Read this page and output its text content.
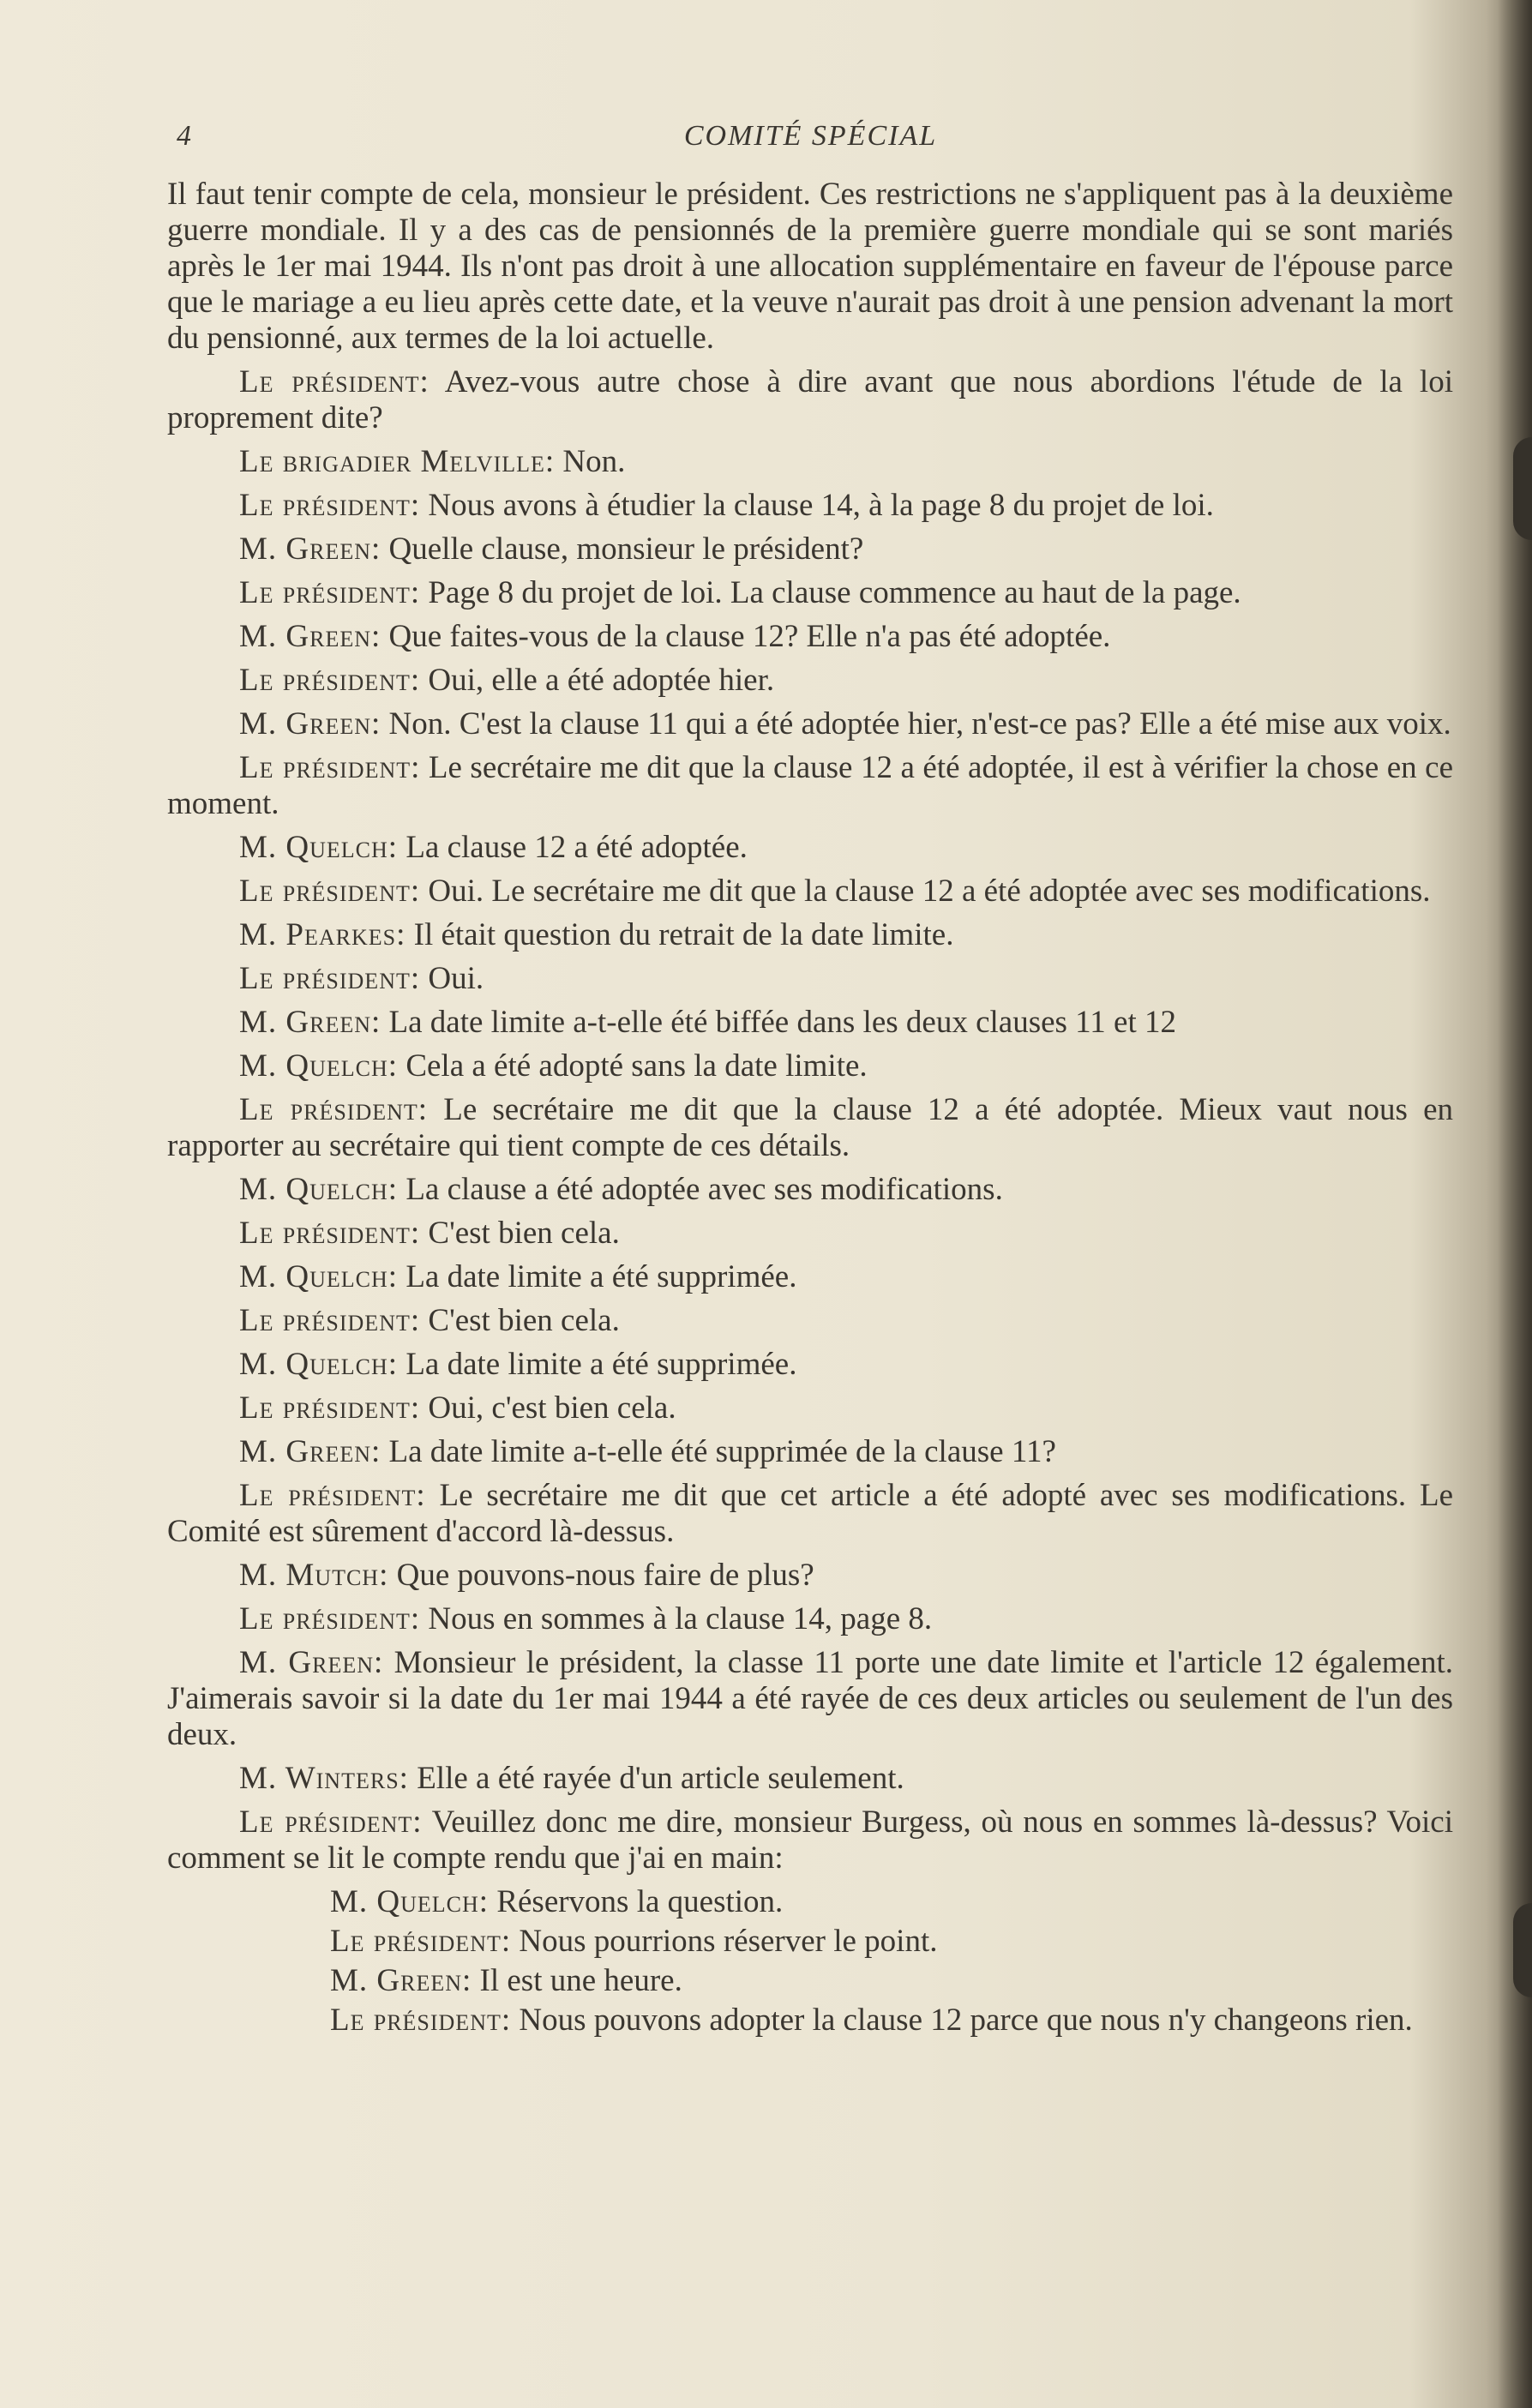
4	COMITÉ SPÉCIAL

Il faut tenir compte de cela, monsieur le président. Ces restrictions ne s'appliquent pas à la deuxième guerre mondiale. Il y a des cas de pensionnés de la première guerre mondiale qui se sont mariés après le 1er mai 1944. Ils n'ont pas droit à une allocation supplémentaire en faveur de l'épouse parce que le mariage a eu lieu après cette date, et la veuve n'aurait pas droit à une pension advenant la mort du pensionné, aux termes de la loi actuelle.

Le président: Avez-vous autre chose à dire avant que nous abordions l'étude de la loi proprement dite?

Le brigadier Melville: Non.

Le président: Nous avons à étudier la clause 14, à la page 8 du projet de loi.

M. Green: Quelle clause, monsieur le président?

Le président: Page 8 du projet de loi. La clause commence au haut de la page.

M. Green: Que faites-vous de la clause 12? Elle n'a pas été adoptée.

Le président: Oui, elle a été adoptée hier.

M. Green: Non. C'est la clause 11 qui a été adoptée hier, n'est-ce pas? Elle a été mise aux voix.

Le président: Le secrétaire me dit que la clause 12 a été adoptée, il est à vérifier la chose en ce moment.

M. Quelch: La clause 12 a été adoptée.

Le président: Oui. Le secrétaire me dit que la clause 12 a été adoptée avec ses modifications.

M. Pearkes: Il était question du retrait de la date limite.

Le président: Oui.

M. Green: La date limite a-t-elle été biffée dans les deux clauses 11 et 12

M. Quelch: Cela a été adopté sans la date limite.

Le président: Le secrétaire me dit que la clause 12 a été adoptée. Mieux vaut nous en rapporter au secrétaire qui tient compte de ces détails.

M. Quelch: La clause a été adoptée avec ses modifications.

Le président: C'est bien cela.

M. Quelch: La date limite a été supprimée.

Le président: C'est bien cela.

M. Quelch: La date limite a été supprimée.

Le président: Oui, c'est bien cela.

M. Green: La date limite a-t-elle été supprimée de la clause 11?

Le président: Le secrétaire me dit que cet article a été adopté avec ses modifications. Le Comité est sûrement d'accord là-dessus.

M. Mutch: Que pouvons-nous faire de plus?

Le président: Nous en sommes à la clause 14, page 8.

M. Green: Monsieur le président, la classe 11 porte une date limite et l'article 12 également. J'aimerais savoir si la date du 1er mai 1944 a été rayée de ces deux articles ou seulement de l'un des deux.

M. Winters: Elle a été rayée d'un article seulement.

Le président: Veuillez donc me dire, monsieur Burgess, où nous en sommes là-dessus? Voici comment se lit le compte rendu que j'ai en main:

M. Quelch: Réservons la question.

Le président: Nous pourrions réserver le point.

M. Green: Il est une heure.

Le président: Nous pouvons adopter la clause 12 parce que nous n'y changeons rien.
